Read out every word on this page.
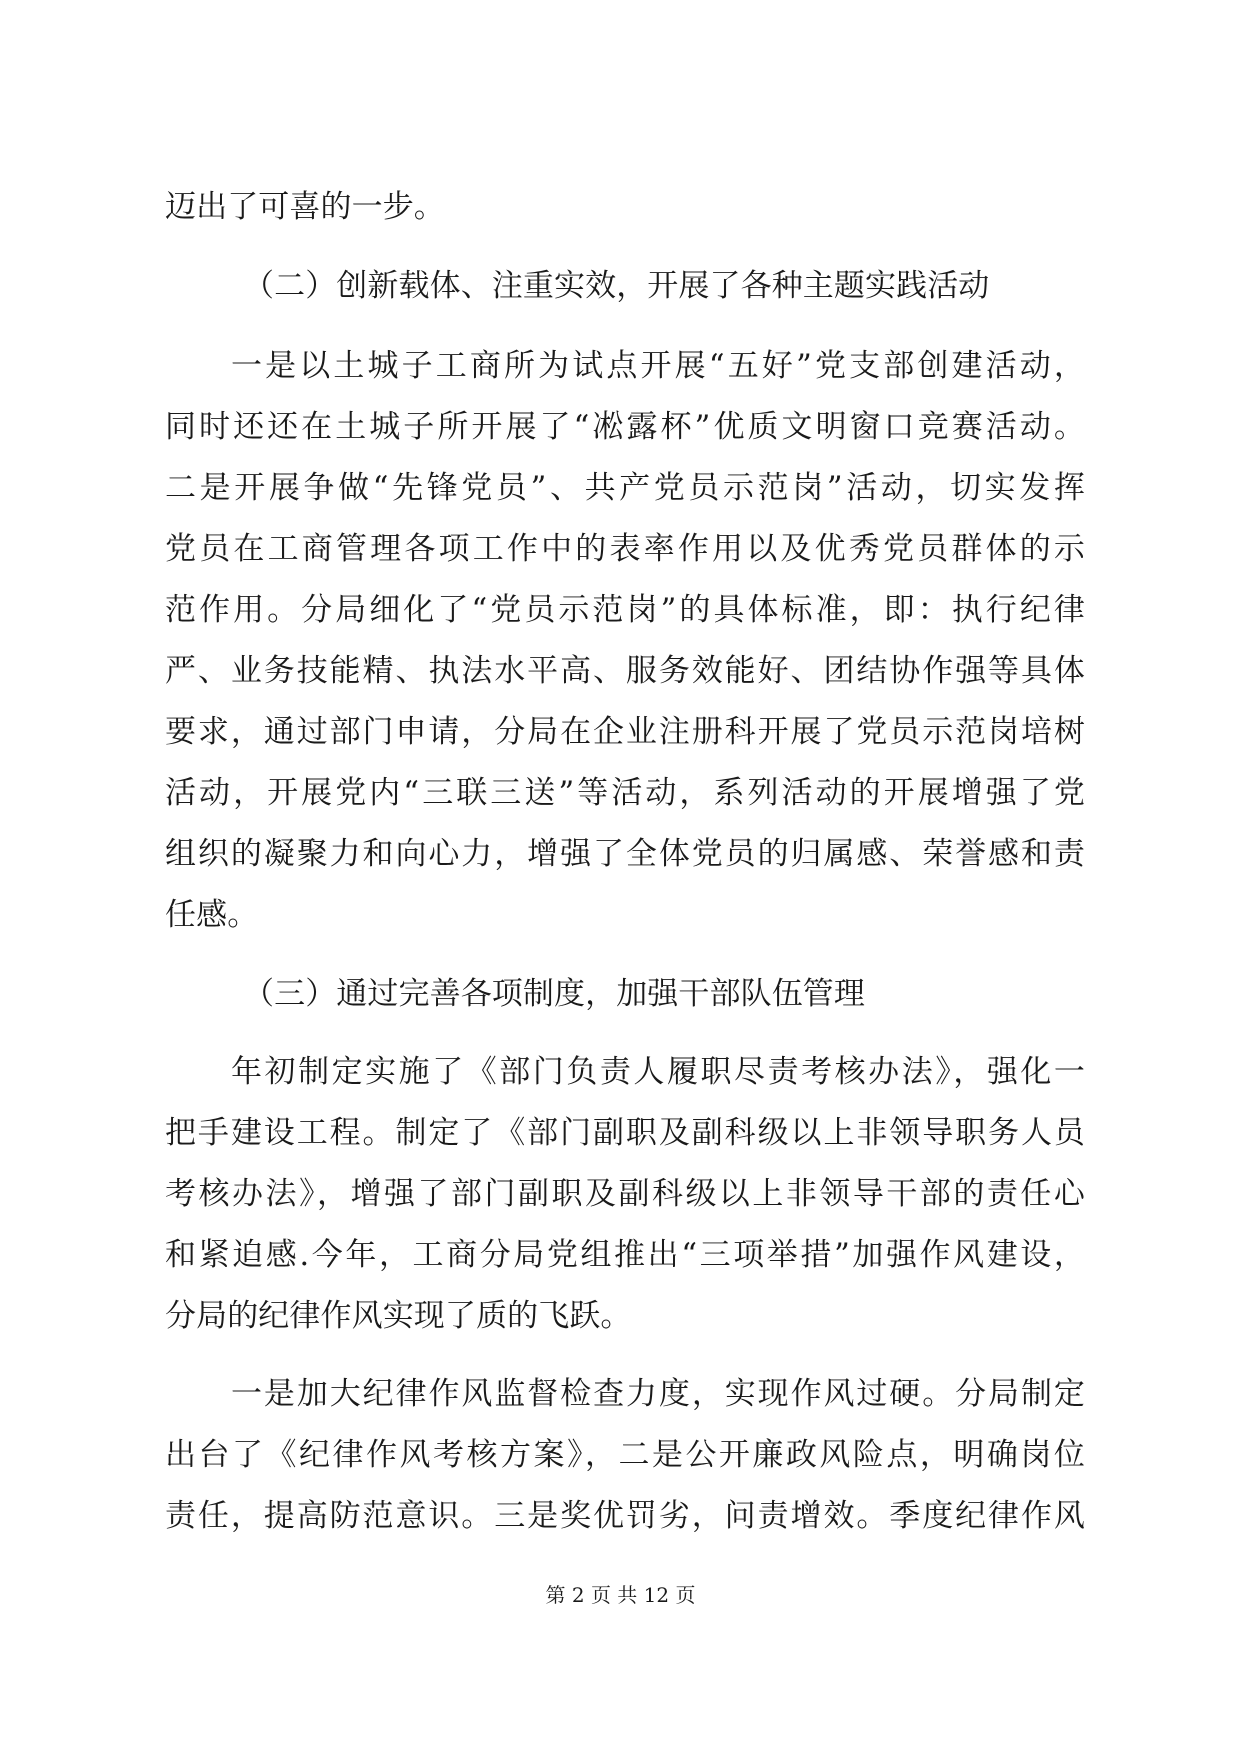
迈出了可喜的一步。
（二）创新载体、注重实效，开展了各种主题实践活动
一是以土城子工商所为试点开展“五好”党支部创建活动，
同时还还在土城子所开展了“凇露杯”优质文明窗口竞赛活动。
二是开展争做“先锋党员”、共产党员示范岗”活动，切实发挥
党员在工商管理各项工作中的表率作用以及优秀党员群体的示
范作用。分局细化了“党员示范岗”的具体标准，即：执行纪律
严、业务技能精、执法水平高、服务效能好、团结协作强等具体
要求，通过部门申请，分局在企业注册科开展了党员示范岗培树
活动，开展党内“三联三送”等活动，系列活动的开展增强了党
组织的凝聚力和向心力，增强了全体党员的归属感、荣誉感和责
任感。
（三）通过完善各项制度，加强干部队伍管理
年初制定实施了《部门负责人履职尽责考核办法》，强化一
把手建设工程。制定了《部门副职及副科级以上非领导职务人员
考核办法》，增强了部门副职及副科级以上非领导干部的责任心
和紧迫感.今年，工商分局党组推出“三项举措”加强作风建设，
分局的纪律作风实现了质的飞跃。
一是加大纪律作风监督检查力度，实现作风过硬。分局制定
出台了《纪律作风考核方案》，二是公开廉政风险点，明确岗位
责任，提高防范意识。三是奖优罚劣，问责增效。季度纪律作风
第 2 页 共 12 页
